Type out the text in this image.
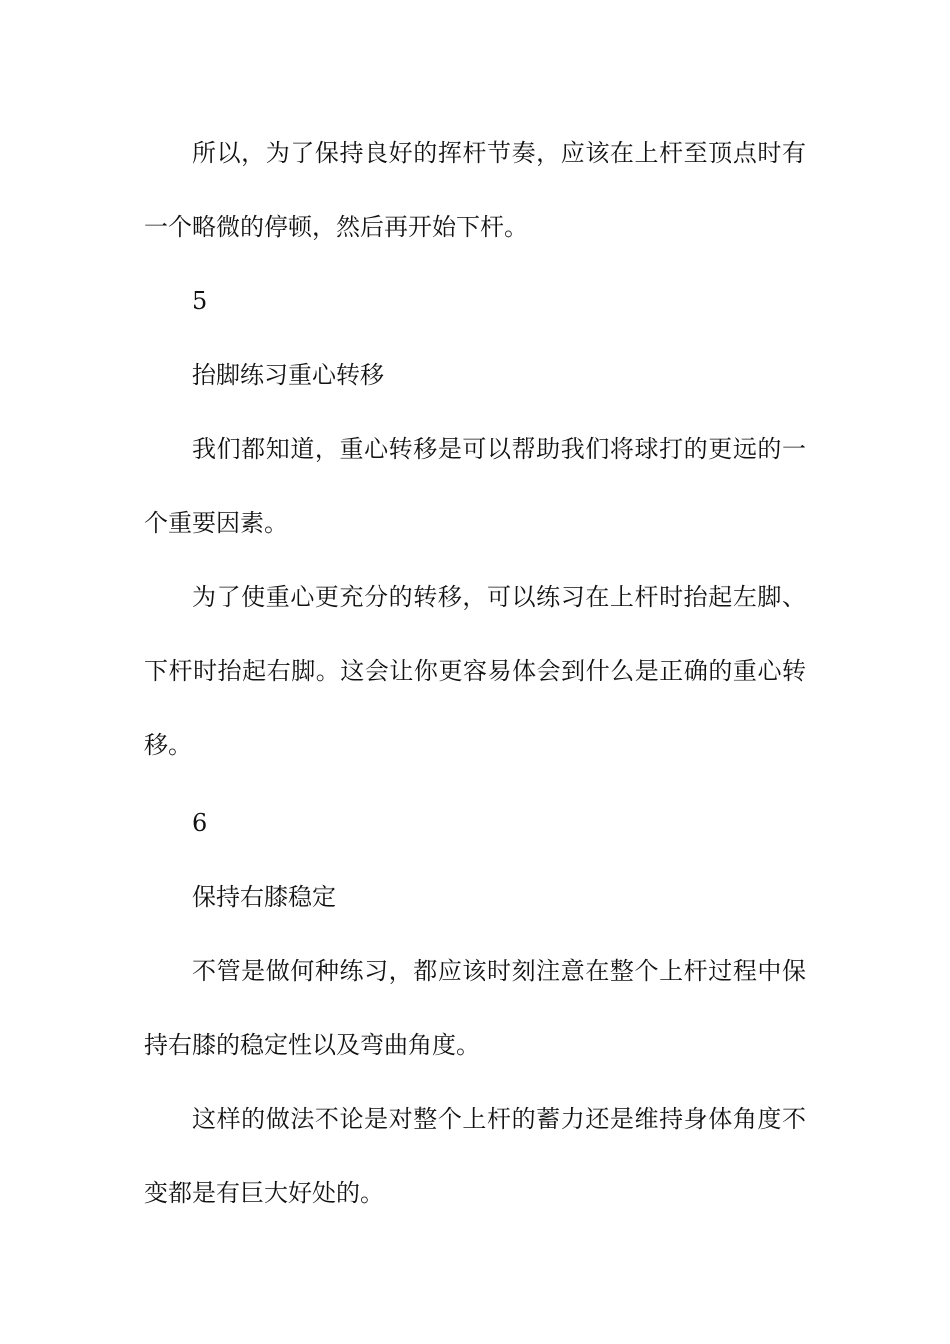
所以，为了保持良好的挥杆节奏，应该在上杆至顶点时有一个略微的停顿，然后再开始下杆。

5

抬脚练习重心转移

我们都知道，重心转移是可以帮助我们将球打的更远的一个重要因素。

为了使重心更充分的转移，可以练习在上杆时抬起左脚、下杆时抬起右脚。这会让你更容易体会到什么是正确的重心转移。

6

保持右膝稳定

不管是做何种练习，都应该时刻注意在整个上杆过程中保持右膝的稳定性以及弯曲角度。

这样的做法不论是对整个上杆的蓄力还是维持身体角度不变都是有巨大好处的。
